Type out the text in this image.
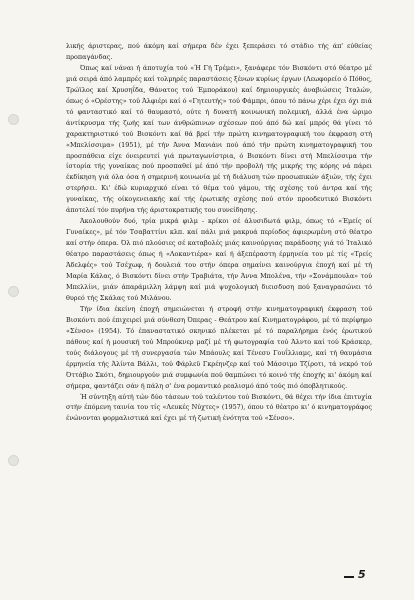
λικής άριστερας, πού άκόμη καί σήμερα δέν έχει ξεπεράσει τό στάδιο τής άπ' εύθείας προπαγάνδας.

Όπως καί νάναι ή άποτυχία τού «Ή Γή Τρέμει», ξανάφερε τόν Βισκόντι στό θέατρο μέ μιά σειρά άπό λαμπρές καί τολμηρές παραστάσεις ξένων κυρίως έργων (Λεωφορείο ό Πόθος, Τρώϊλος καί Χρυσηΐδα, Θάνατος τού Έμποράκου) καί δημιουργικές άναβιώσεις Ίταλών, όπως ό «Ορέστης» τού Άλφιέρι καί ό «Γητευτής» τού Φάμπρι, όπου τό πάνω χέρι έχει όχι πιά τό φανταστικό καί τό θαυμαστό, ούτε ή δυνατή κοινωνική πολεμική, άλλά ένα ώριμο άντίκρυσμα τής ζωής καί των άνθρώπινων σχέσεων πού άπό δώ καί μπρός θά γίνει τό χαρακτηριστικό τού Βισκόντι καί θά βρεί τήν πρώτη κινηματογραφική του έκφραση στή «Μπελίσσιμα» (1951), μέ τήν Άννα Μανιάνι πού άπό τήν πρώτη κινηματογραφική του προσπάθεια είχε όνειρευτεί γιά πρωταγωνίστρια, ό Βισκόντι δίνει στή Μπελίσσιμα τήν ίστορία τής γυναίκας πού προσπαθεί μέ άπό τήν προβολή τής μικρής της κόρης νά πάρει έκδίκηση γιά όλα όσα ή σημερινή κοινωνία μέ τή διάλυση τών προσωπικών άξιών, τής έχει στερήσει. Κι' έδώ κυριαρχικό είναι τό θέμα τού γάμου, τής σχέσης τού άντρα καί τής γυναίκας, τής οίκογενειακής καί τής έρωτικής σχέσης πού στόν προοδευτικό Βισκόντι άποτελεί τόν πυρήνα τής άριστοκρατικής του συνείδησης.

Άκολουθούν δυό, τρία μικρά φιλμ - κρίκοι σέ άλυσιδωτά φιλμ, όπως τό «Έμείς οί Γυναίκες», μέ τόν Τσαβαττίνι κλπ. καί πάλι μιά μακρυά περίοδος άφιερωμένη στό θέατρο καί στήν όπερα. Όλ πιό πλούσιες σέ καταβολές μιάς καινούργιας παράδοσης γιά τό Ίταλικό θέατρο παραστάσεις όπως ή «Λοκαντιέρα» καί ή άξεπέραστη έρμηνεία του μέ τίς «Τρείς Άδελφές» τού Τσέχωφ, ή δουλειά του στήν όπερα σημαίνει καινούργια έποχή καί μέ τή Μαρία Κάλας, ό Βισκόντι δίνει στήν Τραβιάτα, τήν Άννα Μπολένα, τήν «Σονάμπουλα» τού Μπελλίνι, μιάν άπαράμιλλη λάμψη καί μιά ψυχολογική διεισδυση πού ξαναγρασώνει τό θυρεό τής Σκάλας τού Μιλάνου.

Τήν ίδια έκείνη έποχή σημειώνεται ή στροφή στήν κινηματογραφική έκφραση τού Βισκόντι πού έπιχειρεί μιά σύνθεση Όπερας - Θεάτρου καί Κινηματογράφου, μέ τό περίφημο «Σένσο» (1954). Τό έπαναστατικό σκηνικό πλέκεται μέ τό παραλήρημα ένός έρωτικού πάθους καί ή μουσική τού Μπρούκνερ μαζί μέ τή φωτογραφία τού Άλντο καί τού Κράσκερ, τούς διάλογους μέ τή συνεργασία τών Μπάουλς καί Τένεσυ Γουΐλλιαμς, καί τή θαυμάσια έρμηνεία τής Άλίντα Βάλλι, τού Φάρλεϋ Γκρέηνζερ καί τού Μάσσιμο Τζίροτι, τά νεκρό τού Όττάβιο Σκότι, δημιουργούν μιά συμφωνία πού θαμπώνει τό κοινό τής έποχής κι' άκόμη καί σήμερα, φαντάζει σάν ή πάλη σ' ένα ρομαντικό ρεαλισμό άπό τούς πιό όποβλητικούς.

Ή σύντηξη αύτή τών δύο τάσεων τού ταλέντου τού Βισκόντι, θά θέχει τήν ίδια έπιτυχία στήν έπόμενη ταινία του τίς «Λευκές Νύχτες» (1957), όπου τό θέατρο κι' ό κινηματογράφος ένώνονται φορμαλιστικά καί έχει μέ τή ζωτική ένότητα τού «Σένσο».

5
